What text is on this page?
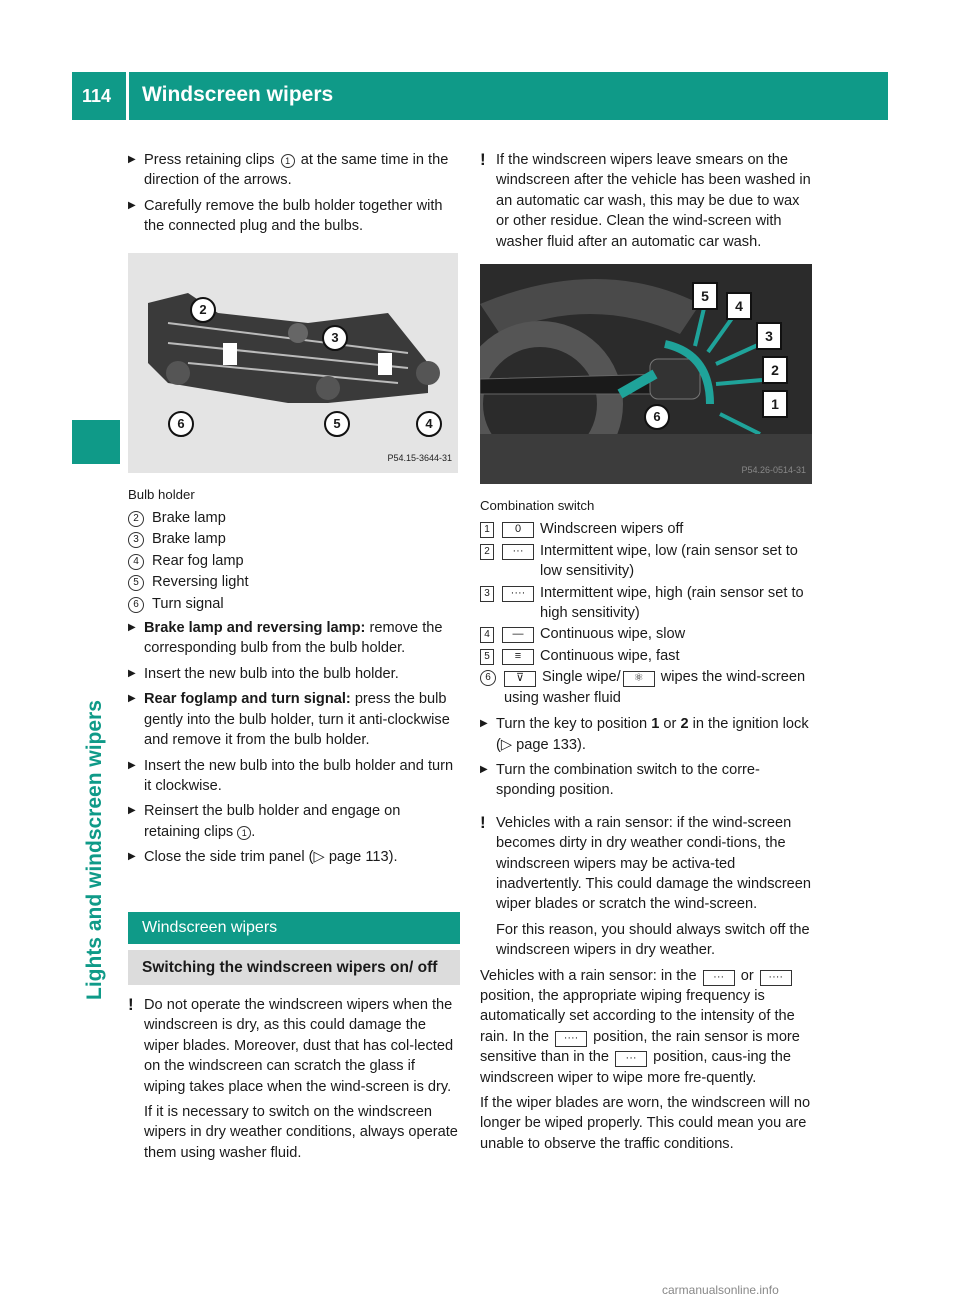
114 Windscreen wipers
Lights and windscreen wipers
▶ Press retaining clips 1 at the same time in the direction of the arrows.
▶ Carefully remove the bulb holder together with the connected plug and the bulbs.
2
3
4
5
6
P54.15-3644-31
Bulb holder
2 Brake lamp
3 Brake lamp
4 Rear fog lamp
5 Reversing light
6 Turn signal
▶ Brake lamp and reversing lamp: remove the corresponding bulb from the bulb holder.
▶ Insert the new bulb into the bulb holder.
▶ Rear foglamp and turn signal: press the bulb gently into the bulb holder, turn it anti-clockwise and remove it from the bulb holder.
▶ Insert the new bulb into the bulb holder and turn it clockwise.
▶ Reinsert the bulb holder and engage on retaining clips 1 .
▶ Close the side trim panel (▷ page 113).
Windscreen wipers
Switching the windscreen wipers on/ off
! Do not operate the windscreen wipers when the windscreen is dry, as this could damage the wiper blades. Moreover, dust that has col-lected on the windscreen can scratch the glass if wiping takes place when the wind-screen is dry.
If it is necessary to switch on the windscreen wipers in dry weather conditions, always operate them using washer fluid.
! If the windscreen wipers leave smears on the windscreen after the vehicle has been washed in an automatic car wash, this may be due to wax or other residue. Clean the wind-screen with washer fluid after an automatic car wash.
1
2
3
4
5
6
P54.26-0514-31
Combination switch
1	0	Windscreen wipers off
2	···	Intermittent wipe, low (rain sensor set to low sensitivity)
3	····	Intermittent wipe, high (rain sensor set to high sensitivity)
4	—	Continuous wipe, slow
5	≡	Continuous wipe, fast
6	⊽ Single wipe/ ⚛ wipes the wind-screen using washer fluid
▶ Turn the key to position 1 or 2 in the ignition lock (▷ page 133).
▶ Turn the combination switch to the corre-sponding position.
! Vehicles with a rain sensor: if the wind-screen becomes dirty in dry weather condi-tions, the windscreen wipers may be activa-ted inadvertently. This could damage the windscreen wiper blades or scratch the wind-screen.
For this reason, you should always switch off the windscreen wipers in dry weather.
Vehicles with a rain sensor: in the ··· or ···· position, the appropriate wiping frequency is automatically set according to the intensity of the rain. In the ···· position, the rain sensor is more sensitive than in the ··· position, caus-ing the windscreen wiper to wipe more fre-quently.
If the wiper blades are worn, the windscreen will no longer be wiped properly. This could mean you are unable to observe the traffic conditions.
carmanualsonline.info
